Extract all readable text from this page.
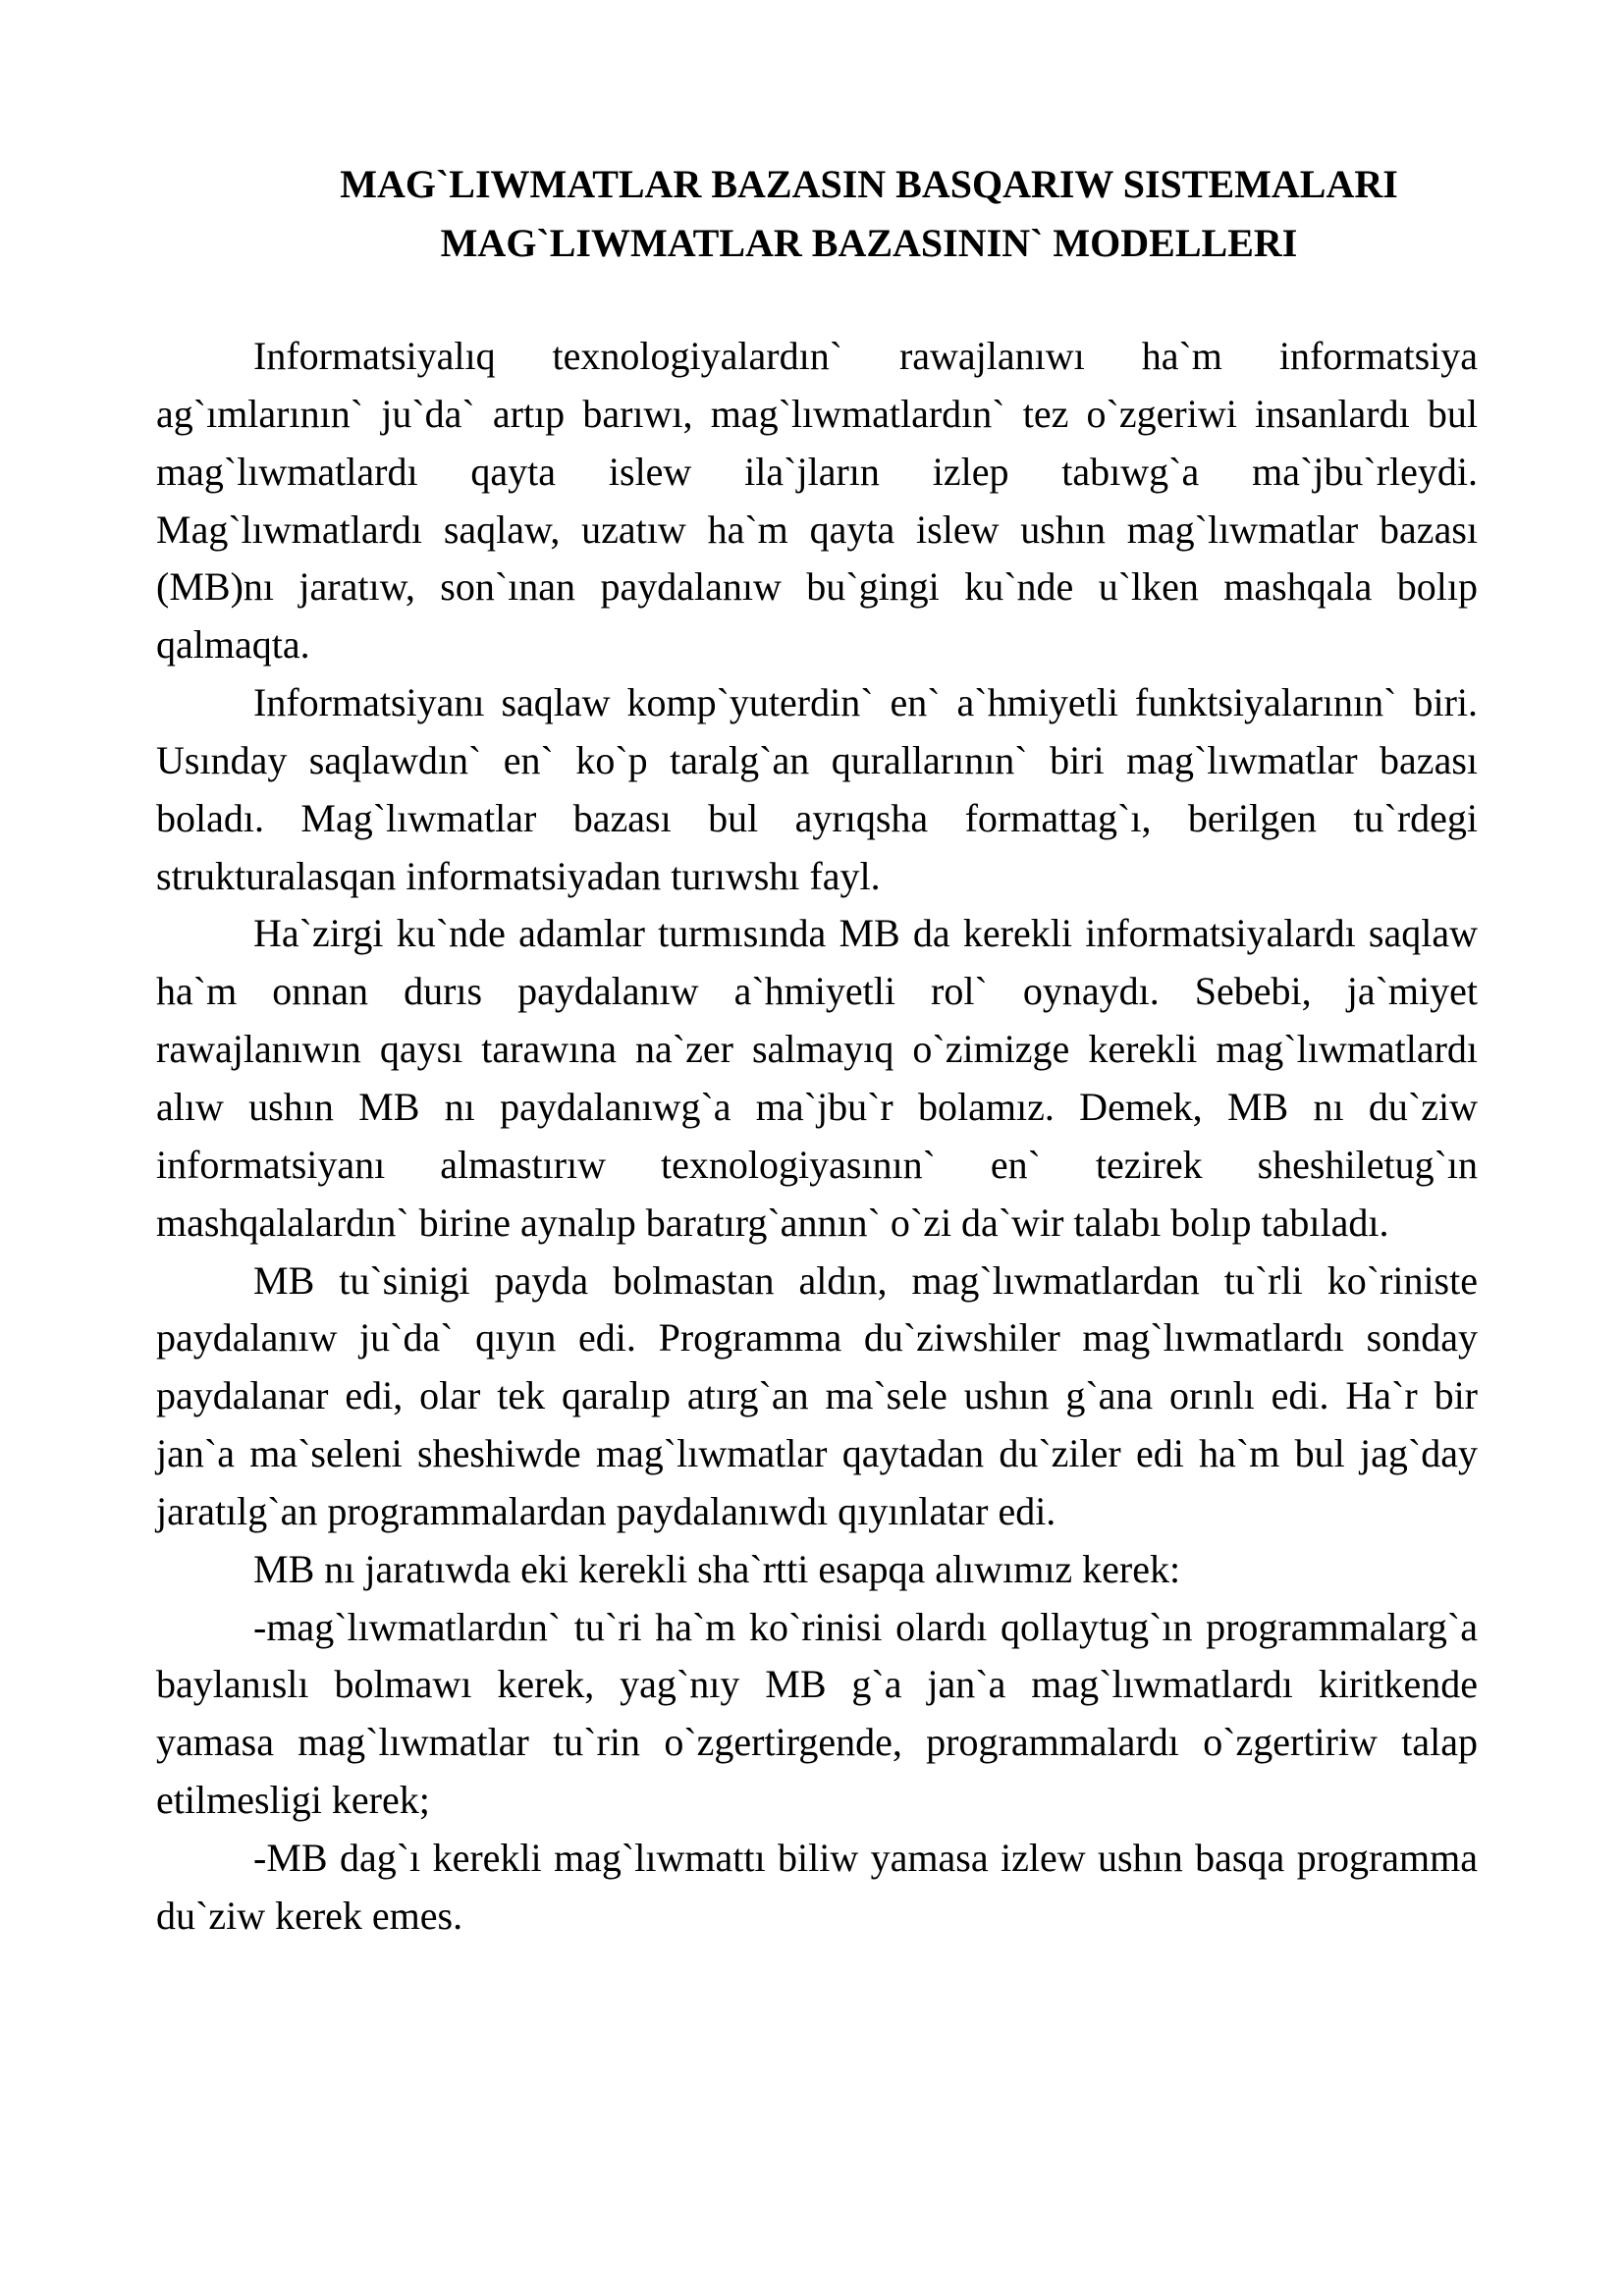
MAG`LIWMATLAR BAZASIN BASQARIW SISTEMALARI
MAG`LIWMATLAR BAZASININ` MODELLERI

Informatsiyalıq texnologiyalardın` rawajlanıwı ha`m informatsiya ag`ımlarının` ju`da` artıp barıwı, mag`lıwmatlardın` tez o`zgeriwi insanlardı bul mag`lıwmatlardı qayta islew ila`jların izlep tabıwg`a ma`jbu`rleydi. Mag`lıwmatlardı saqlaw, uzatıw ha`m qayta islew ushın mag`lıwmatlar bazası (MB)nı jaratıw, son`ınan paydalanıw bu`gingi ku`nde u`lken mashqala bolıp qalmaqta.

Informatsiyanı saqlaw komp`yuterdin` en` a`hmiyetli funktsiyalarının` biri. Usınday saqlawdın` en` ko`p taralg`an qurallarının` biri mag`lıwmatlar bazası boladı. Mag`lıwmatlar bazası bul ayrıqsha formattag`ı, berilgen tu`rdegi strukturalasqan informatsiyadan turıwshı fayl.

Ha`zirgi ku`nde adamlar turmısında MB da kerekli informatsiyalardı saqlaw ha`m onnan durıs paydalanıw a`hmiyetli rol` oynaydı. Sebebi, ja`miyet rawajlanıwın qaysı tarawına na`zer salmayıq o`zimizge kerekli mag`lıwmatlardı alıw ushın MB nı paydalanıwg`a ma`jbu`r bolamız. Demek, MB nı du`ziw informatsiyanı almastırıw texnologiyasının` en` tezirek sheshiletug`ın mashqalalardın` birine aynalıp baratırg`annın` o`zi da`wir talabı bolıp tabıladı.

MB tu`sinigi payda bolmastan aldın, mag`lıwmatlardan tu`rli ko`riniste paydalanıw ju`da` qıyın edi. Programma du`ziwshiler mag`lıwmatlardı sonday paydalanar edi, olar tek qaralıp atırg`an ma`sele ushın g`ana orınlı edi. Ha`r bir jan`a ma`seleni sheshiwde mag`lıwmatlar qaytadan du`ziler edi ha`m bul jag`day jaratılg`an programmalardan paydalanıwdı qıyınlatar edi.

MB nı jaratıwda eki kerekli sha`rtti esapqa alıwımız kerek:

-mag`lıwmatlardın` tu`ri ha`m ko`rinisi olardı qollaytug`ın programmalarg`a baylanıslı bolmawı kerek, yag`nıy MB g`a jan`a mag`lıwmatlardı kiritkende yamasa mag`lıwmatlar tu`rin o`zgertirgende, programmalardı o`zgertiriw talap etilmesligi kerek;

-MB dag`ı kerekli mag`lıwmattı biliw yamasa izlew ushın basqa programma du`ziw kerek emes.
